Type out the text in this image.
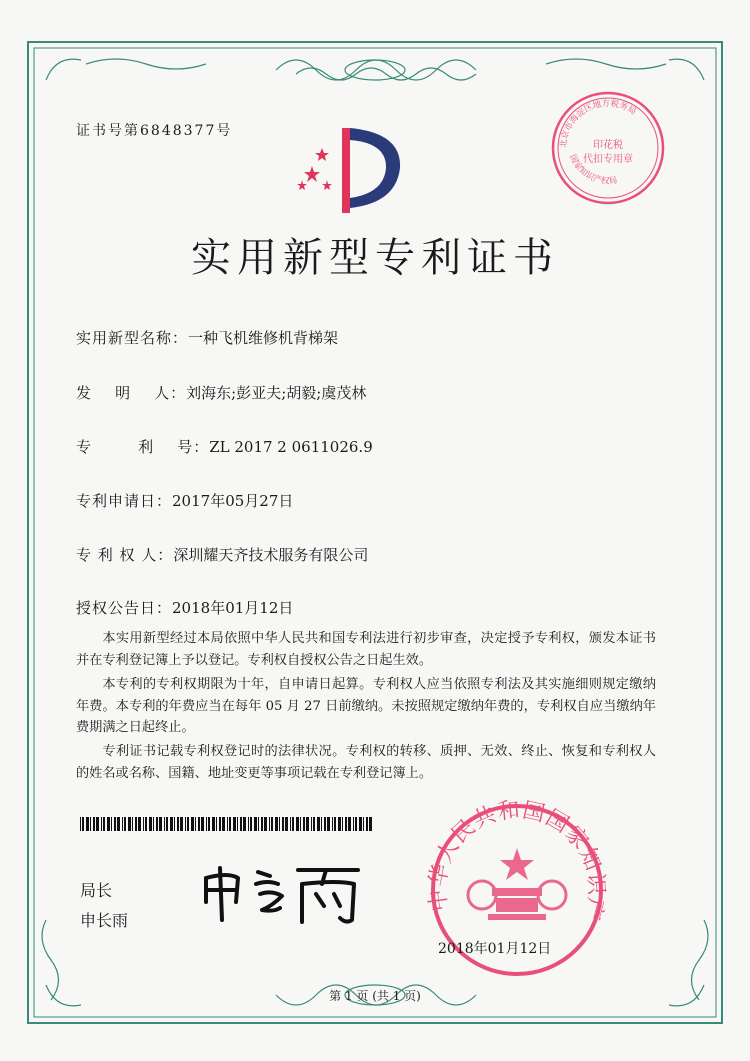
证书号第6848377号
北京市海淀区地方税务局
国家知识产权局
印花税
代扣专用章
实用新型专利证书
实用新型名称：一种飞机维修机背梯架
发    明    人：刘海东;彭亚夫;胡毅;虞茂林
专        利    号：ZL 2017 2 0611026.9
专利申请日：2017年05月27日
专 利 权 人：深圳耀天齐技术服务有限公司
授权公告日：2018年01月12日

本实用新型经过本局依照中华人民共和国专利法进行初步审查，决定授予专利权，颁发本证书并在专利登记簿上予以登记。专利权自授权公告之日起生效。

本专利的专利权期限为十年，自申请日起算。专利权人应当依照专利法及其实施细则规定缴纳年费。本专利的年费应当在每年 05 月 27 日前缴纳。未按照规定缴纳年费的，专利权自应当缴纳年费期满之日起终止。

专利证书记载专利权登记时的法律状况。专利权的转移、质押、无效、终止、恢复和专利权人的姓名或名称、国籍、地址变更等事项记载在专利登记簿上。

局长
申长雨
中华人民共和国国家知识产
2018年01月12日
第 1 页 (共 1 页)
